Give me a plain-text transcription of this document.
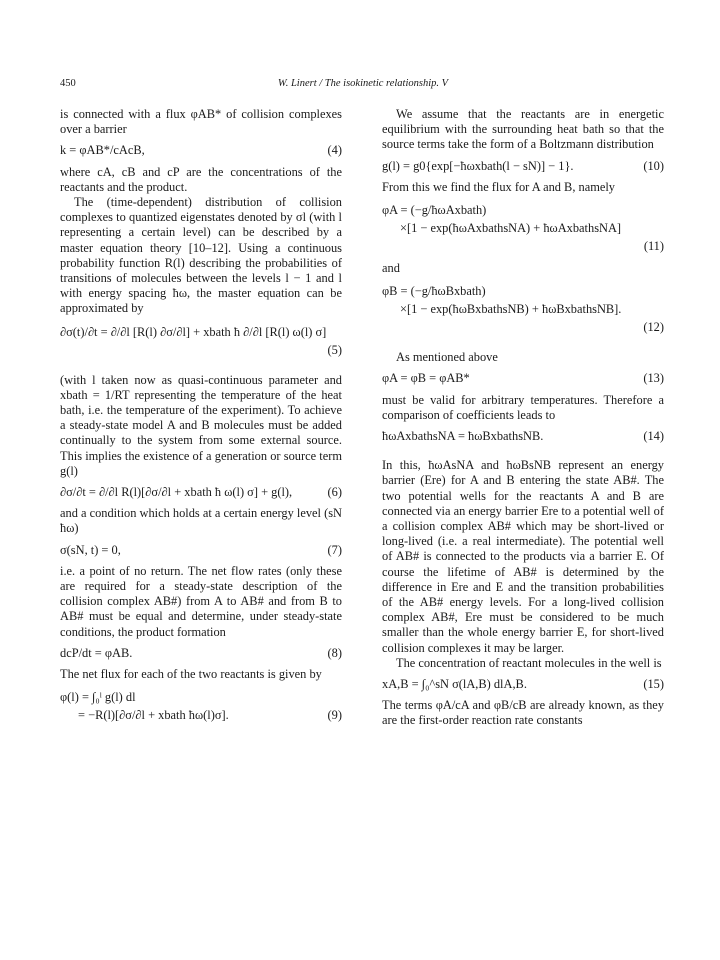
450	W. Linert / The isokinetic relationship. V

is connected with a flux φAB* of collision complexes over a barrier

k = φAB*/cAcB,	(4)

where cA, cB and cP are the concentrations of the reactants and the product.

The (time-dependent) distribution of collision complexes to quantized eigenstates denoted by σl (with l representing a certain level) can be described by a master equation theory [10–12]. Using a continuous probability function R(l) describing the probabilities of transitions of molecules between the levels l − 1 and l with energy spacing ħω, the master equation can be approximated by

∂σ(t)/∂t = ∂/∂l [R(l) ∂σ/∂l] + xbath ħ ∂/∂l [R(l) ω(l) σ]
(5)

(with l taken now as quasi-continuous parameter and xbath = 1/RT representing the temperature of the heat bath, i.e. the temperature of the experiment). To achieve a steady-state model A and B molecules must be added continually to the system from some external source. This implies the existence of a generation or source term g(l)

∂σ/∂t = ∂/∂l R(l)[∂σ/∂l + xbath ħ ω(l) σ] + g(l),	(6)

and a condition which holds at a certain energy level (sN ħω)

σ(sN, t) = 0,	(7)

i.e. a point of no return. The net flow rates (only these are required for a steady-state description of the collision complex AB#) from A to AB# and from B to AB# must be equal and determine, under steady-state conditions, the product formation

dcP/dt = φAB.	(8)

The net flux for each of the two reactants is given by

φ(l) = ∫₀ˡ g(l) dl
= −R(l)[∂σ/∂l + xbath ħω(l)σ].	(9)

We assume that the reactants are in energetic equilibrium with the surrounding heat bath so that the source terms take the form of a Boltzmann distribution

g(l) = g0{exp[−ħωxbath(l − sN)] − 1}.	(10)

From this we find the flux for A and B, namely

φA = (−g/ħωAxbath)
×[1 − exp(ħωAxbathsNA) + ħωAxbathsNA]
(11)

and

φB = (−g/ħωBxbath)
×[1 − exp(ħωBxbathsNB) + ħωBxbathsNB].
(12)

As mentioned above

φA = φB = φAB*	(13)

must be valid for arbitrary temperatures. Therefore a comparison of coefficients leads to

ħωAxbathsNA = ħωBxbathsNB.	(14)

In this, ħωAsNA and ħωBsNB represent an energy barrier (Ere) for A and B entering the state AB#. The two potential wells for the reactants A and B are connected via an energy barrier Ere to a potential well of a collision complex AB# which may be short-lived or long-lived (i.e. a real intermediate). The potential well of AB# is connected to the products via a barrier E. Of course the lifetime of AB# is determined by the difference in Ere and E and the transition probabilities of the AB# energy levels. For a long-lived collision complex AB#, Ere must be considered to be much smaller than the whole energy barrier E, for short-lived collision complexes it may be larger.

The concentration of reactant molecules in the well is

xA,B = ∫₀^sN σ(lA,B) dlA,B.	(15)

The terms φA/cA and φB/cB are already known, as they are the first-order reaction rate constants
